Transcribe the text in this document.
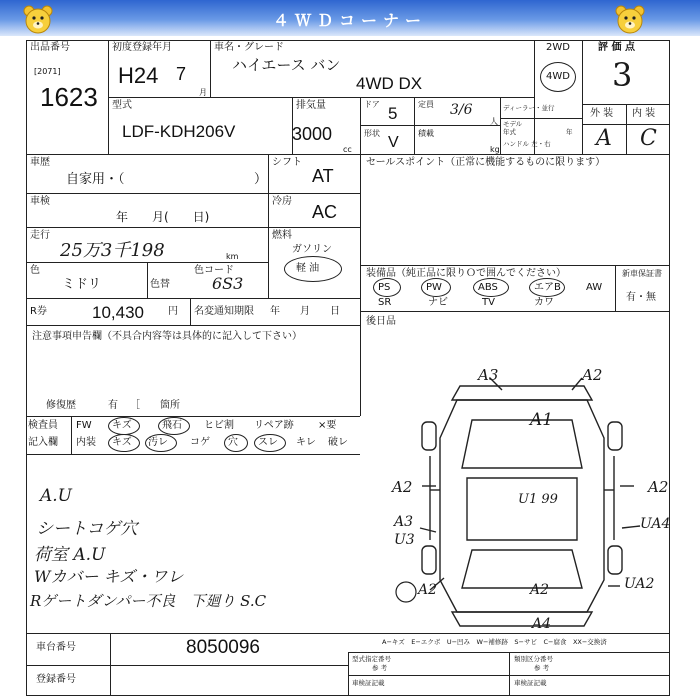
４ＷＤコーナー
出品番号
[2071]
1623
初度登録年月
H24 7
月
車名・グレード
ハイエース バン
4WD DX
2WD
4WD
評 価 点
3
型式
LDF-KDH206V
排気量
3000
cc
ドア 5
形状
V
定員 3/6
人
積載
kg
ディーラー・並行
モデル
年式	年
ハンドル 左・右
外 装 内 装
A C
車歴
自家用・（	）
車検
年　　月(　　日)
走行
25万3千198	km
色
ミドリ	色替
色コード
6S3
シフト
AT
冷房
AC
燃料
ガソリン
軽 油
R券	10,430 円 名変通知期限 年　　月　　日
セールスポイント（正常に機能するものに限ります）
装備品（純正品に限りＯで囲んでください）	新車保証書
有・無
PS	PW	ABS	エアB	AW
SR	ナビ	TV	カワ
後日品
注意事項申告欄（不具合内容等は具体的に記入して下さい）
修復歴	有 ［　　箇所
検査員
記入欄
FW キズ	飛石 ヒビ割 リペア跡 ×要
内装 キズ 汚レ コゲ 穴 スレ キレ 破レ
A.U
シートコゲ穴
荷室 A.U
Wカバー キズ・ワレ
Rゲートダンパー不良　下廻り S.C
A3	A2
A1
A2
U1 99
A2
A3
U3
UA4
A2	A2	UA2
A4
A−キズ　E−エクボ　U−凹み　W−補修跡　S−サビ　C−腐食　XX−交換済
車台番号	8050096
登録番号
型式指定番号
参 考
類別区分番号
参 考
車検証記載	車検証記載
